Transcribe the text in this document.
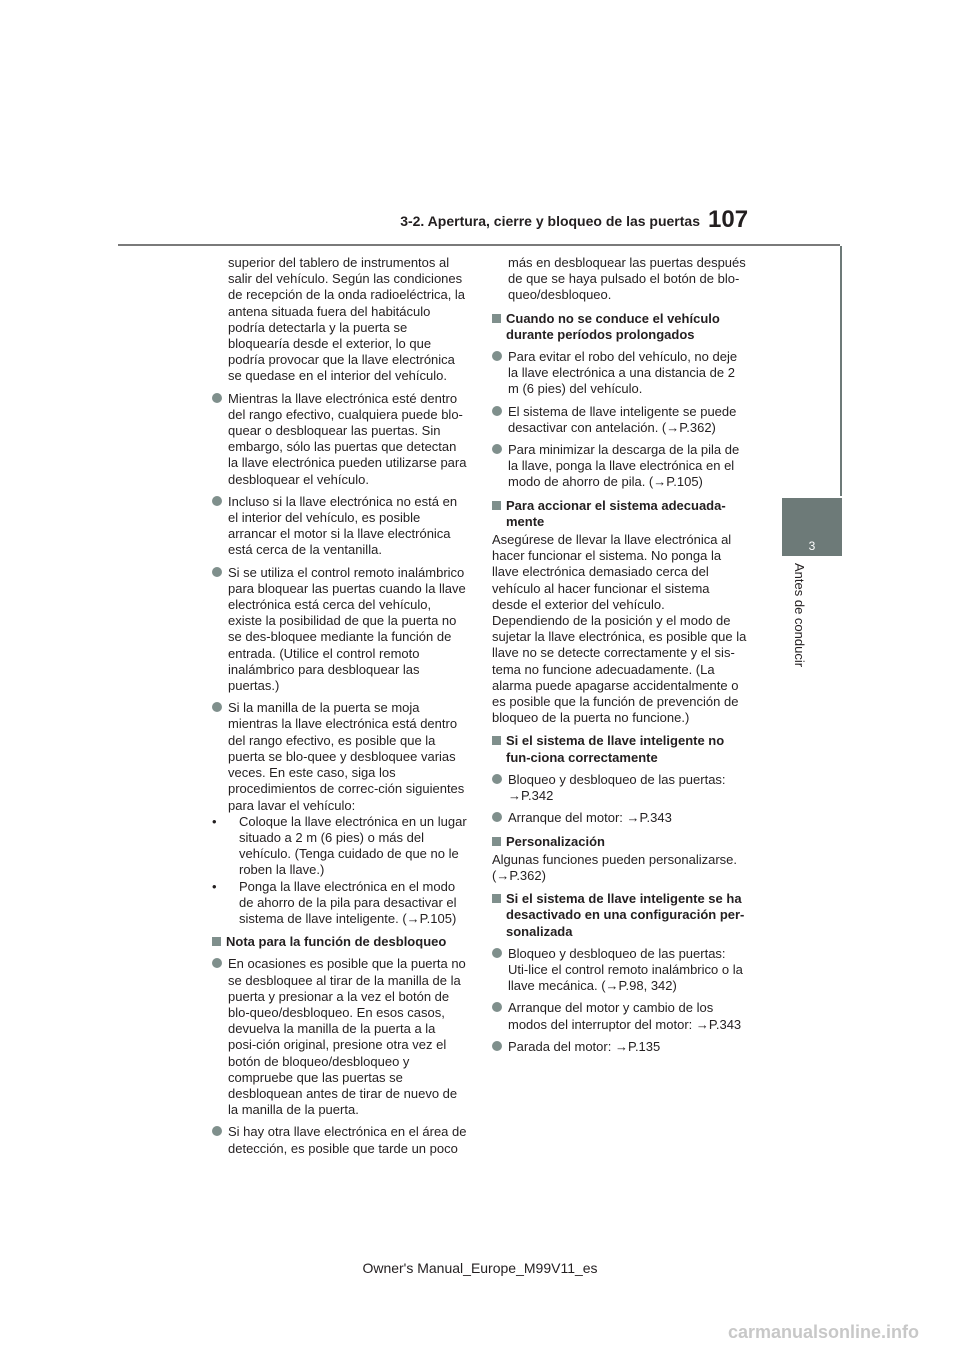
3-2. Apertura, cierre y bloqueo de las puertas 107
3
Antes de conducir

superior del tablero de instrumentos al salir del vehículo. Según las condiciones de recepción de la onda radioeléctrica, la antena situada fuera del habitáculo podría detectarla y la puerta se bloquearía desde el exterior, lo que podría provocar que la llave electrónica se quedase en el interior del vehículo.

Mientras la llave electrónica esté dentro del rango efectivo, cualquiera puede blo-quear o desbloquear las puertas. Sin embargo, sólo las puertas que detectan la llave electrónica pueden utilizarse para desbloquear el vehículo.
Incluso si la llave electrónica no está en el interior del vehículo, es posible arrancar el motor si la llave electrónica está cerca de la ventanilla.
Si se utiliza el control remoto inalámbrico para bloquear las puertas cuando la llave electrónica está cerca del vehículo, existe la posibilidad de que la puerta no se des-bloquee mediante la función de entrada. (Utilice el control remoto inalámbrico para desbloquear las puertas.)
Si la manilla de la puerta se moja mientras la llave electrónica está dentro del rango efectivo, es posible que la puerta se blo-quee y desbloquee varias veces. En este caso, siga los procedimientos de correc-ción siguientes para lavar el vehículo:
•	Coloque la llave electrónica en un lugar situado a 2 m (6 pies) o más del vehículo. (Tenga cuidado de que no le roben la llave.)
•	Ponga la llave electrónica en el modo de ahorro de la pila para desactivar el sistema de llave inteligente. (→P.105)
Nota para la función de desbloqueo
En ocasiones es posible que la puerta no se desbloquee al tirar de la manilla de la puerta y presionar a la vez el botón de blo-queo/desbloqueo. En esos casos, devuelva la manilla de la puerta a la posi-ción original, presione otra vez el botón de bloqueo/desbloqueo y compruebe que las puertas se desbloquean antes de tirar de nuevo de la manilla de la puerta.
Si hay otra llave electrónica en el área de detección, es posible que tarde un poco

más en desbloquear las puertas después de que se haya pulsado el botón de blo-queo/desbloqueo.

Cuando no se conduce el vehículo durante períodos prolongados
Para evitar el robo del vehículo, no deje la llave electrónica a una distancia de 2 m (6 pies) del vehículo.
El sistema de llave inteligente se puede desactivar con antelación. (→P.362)
Para minimizar la descarga de la pila de la llave, ponga la llave electrónica en el modo de ahorro de pila. (→P.105)
Para accionar el sistema adecuada-mente

Asegúrese de llevar la llave electrónica al hacer funcionar el sistema. No ponga la llave electrónica demasiado cerca del vehículo al hacer funcionar el sistema desde el exterior del vehículo.

Dependiendo de la posición y el modo de sujetar la llave electrónica, es posible que la llave no se detecte correctamente y el sis-tema no funcione adecuadamente. (La alarma puede apagarse accidentalmente o es posible que la función de prevención de bloqueo de la puerta no funcione.)

Si el sistema de llave inteligente no fun-ciona correctamente
Bloqueo y desbloqueo de las puertas: →P.342
Arranque del motor: →P.343
Personalización

Algunas funciones pueden personalizarse. (→P.362)

Si el sistema de llave inteligente se ha desactivado en una configuración per-sonalizada
Bloqueo y desbloqueo de las puertas: Uti-lice el control remoto inalámbrico o la llave mecánica. (→P.98, 342)
Arranque del motor y cambio de los modos del interruptor del motor: →P.343
Parada del motor: →P.135
Owner's Manual_Europe_M99V11_es
carmanualsonline.info
